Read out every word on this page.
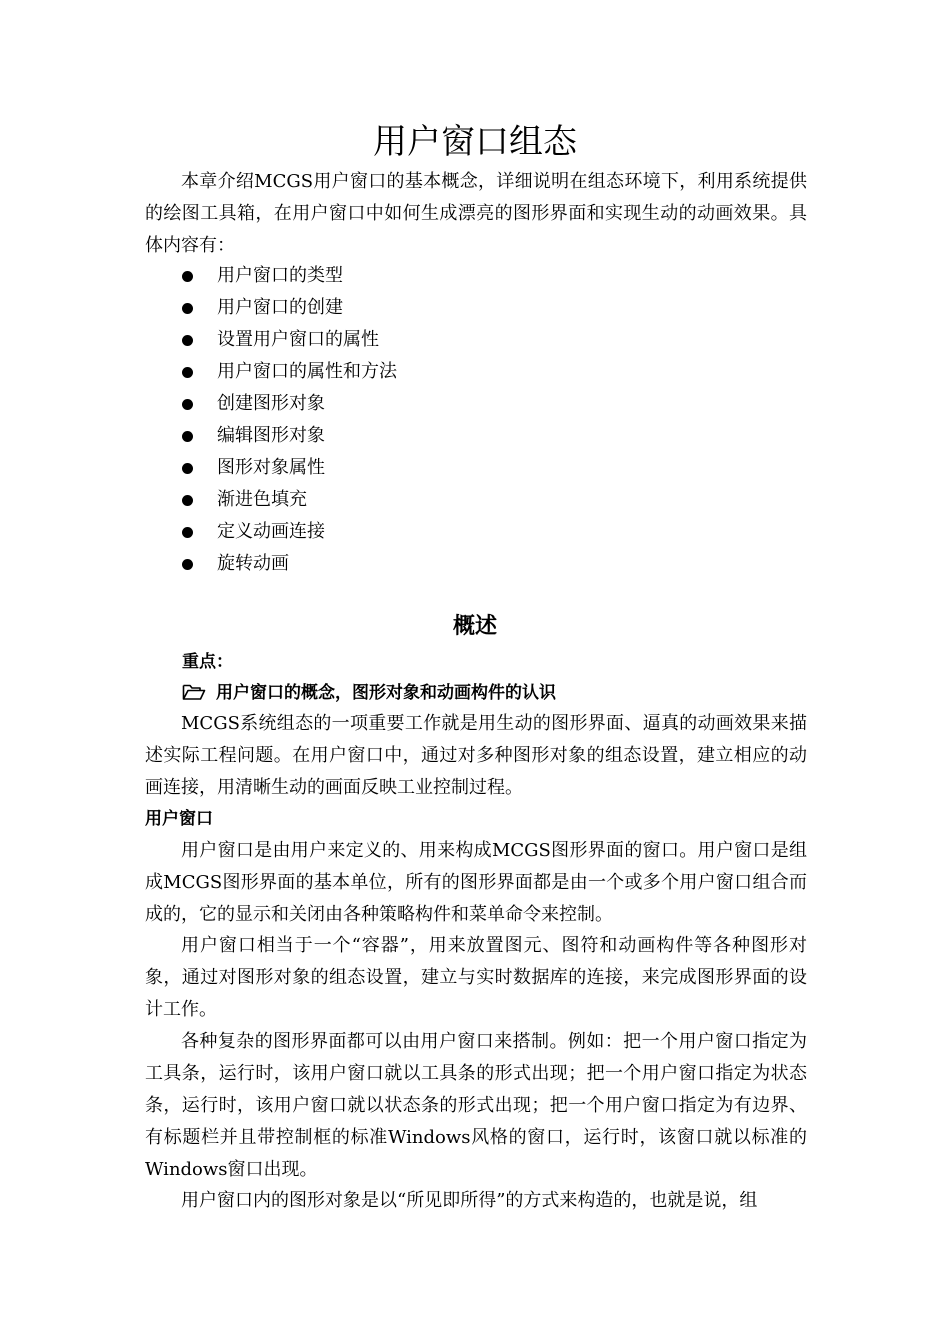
用户窗口组态

本章介绍MCGS用户窗口的基本概念，详细说明在组态环境下，利用系统提供的绘图工具箱，在用户窗口中如何生成漂亮的图形界面和实现生动的动画效果。具体内容有：

用户窗口的类型
用户窗口的创建
设置用户窗口的属性
用户窗口的属性和方法
创建图形对象
编辑图形对象
图形对象属性
渐进色填充
定义动画连接
旋转动画
概述
重点：
用户窗口的概念，图形对象和动画构件的认识

MCGS系统组态的一项重要工作就是用生动的图形界面、逼真的动画效果来描述实际工程问题。在用户窗口中，通过对多种图形对象的组态设置，建立相应的动画连接，用清晰生动的画面反映工业控制过程。

用户窗口

用户窗口是由用户来定义的、用来构成MCGS图形界面的窗口。用户窗口是组成MCGS图形界面的基本单位，所有的图形界面都是由一个或多个用户窗口组合而成的，它的显示和关闭由各种策略构件和菜单命令来控制。

用户窗口相当于一个“容器”，用来放置图元、图符和动画构件等各种图形对象，通过对图形对象的组态设置，建立与实时数据库的连接，来完成图形界面的设计工作。

各种复杂的图形界面都可以由用户窗口来搭制。例如：把一个用户窗口指定为工具条，运行时，该用户窗口就以工具条的形式出现；把一个用户窗口指定为状态条，运行时，该用户窗口就以状态条的形式出现；把一个用户窗口指定为有边界、有标题栏并且带控制框的标准Windows风格的窗口，运行时，该窗口就以标准的Windows窗口出现。

用户窗口内的图形对象是以“所见即所得”的方式来构造的，也就是说，组
